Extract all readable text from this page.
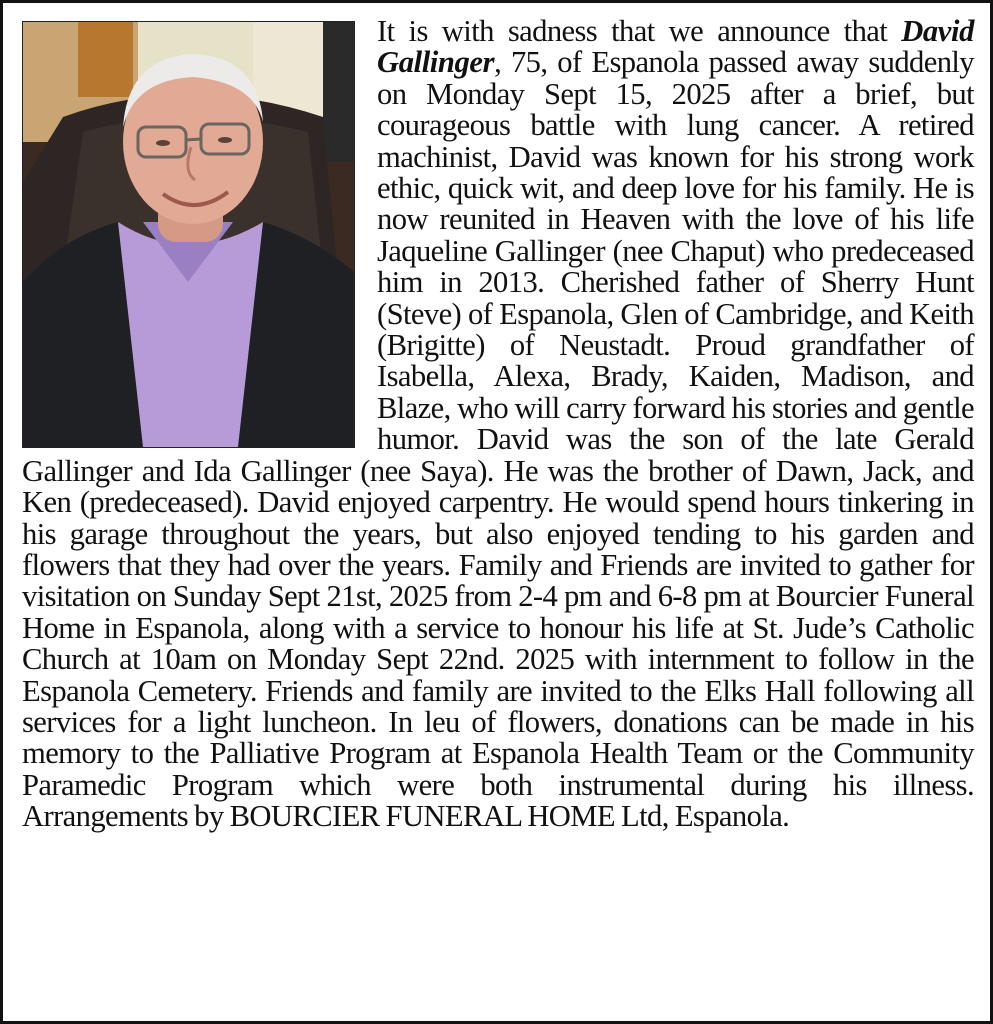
It is with sadness that we announce that David Gallinger, 75, of Espanola passed away suddenly on Monday Sept 15, 2025 after a brief, but courageous battle with lung cancer. A retired machinist, David was known for his strong work ethic, quick wit, and deep love for his family. He is now reunited in Heaven with the love of his life Jaqueline Gallinger (nee Chaput) who predeceased him in 2013. Cherished father of Sherry Hunt (Steve) of Espanola, Glen of Cambridge, and Keith (Brigitte) of Neustadt. Proud grandfather of Isabella, Alexa, Brady, Kaiden, Madison, and Blaze, who will carry forward his stories and gentle humor. David was the son of the late Gerald Gallinger and Ida Gallinger (nee Saya). He was the brother of Dawn, Jack, and Ken (predeceased). David enjoyed carpentry. He would spend hours tinkering in his garage throughout the years, but also enjoyed tending to his garden and flowers that they had over the years. Family and Friends are invited to gather for visitation on Sunday Sept 21st, 2025 from 2-4 pm and 6-8 pm at Bourcier Funeral Home in Espanola, along with a service to honour his life at St. Jude’s Catholic Church at 10am on Monday Sept 22nd. 2025 with internment to follow in the Espanola Cemetery. Friends and family are invited to the Elks Hall following all services for a light luncheon. In leu of flowers, donations can be made in his memory to the Palliative Program at Espanola Health Team or the Community Paramedic Program which were both instrumental during his illness. Arrangements by BOURCIER FUNERAL HOME Ltd, Espanola.
